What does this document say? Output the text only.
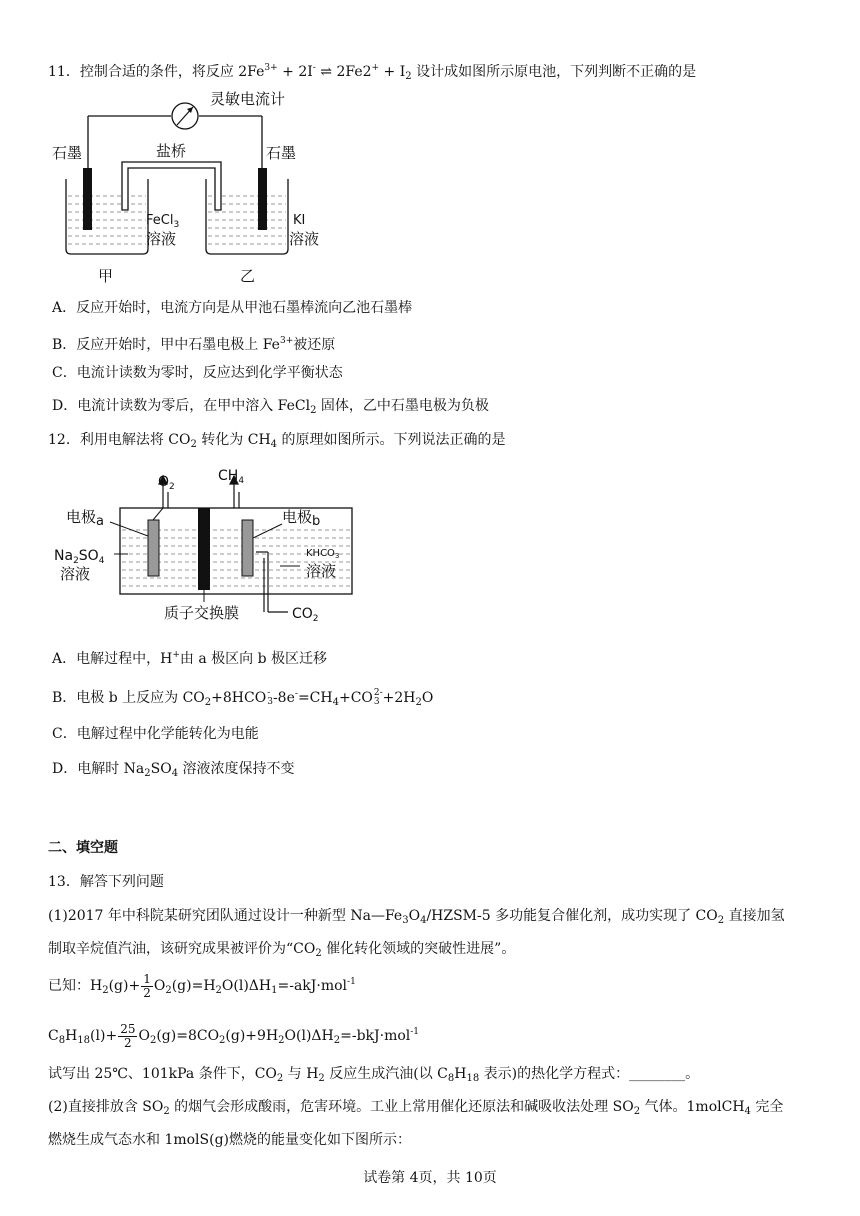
11．控制合适的条件，将反应 $2Fe^{3+} + 2I^-$ ⇌ $2Fe2^+ + I_2$ 设计成如图所示原电池，下列判断不正确的是
灵敏电流计
盐桥
石墨	石墨
FeCl$_3$
溶液
KI
溶液
甲	乙
A．反应开始时，电流方向是从甲池石墨棒流向乙池石墨棒
B．反应开始时，甲中石墨电极上 $Fe^{3+}$被还原
C．电流计读数为零时，反应达到化学平衡状态
D．电流计读数为零后，在甲中溶入 FeCl$_2$ 固体，乙中石墨电极为负极
12．利用电解法将 $CO_2$ 转化为 $CH_4$ 的原理如图所示。下列说法正确的是
$O_2$
$CH_4$
电极a	电极b
$Na_2SO_4$
溶液
$KHCO_3$
溶液
质子交换膜	$CO_2$
A．电解过程中，H+由 a 极区向 b 极区迁移
B．电极 b 上反应为 $CO_2+8HCO$ -
3 $-8e^-=CH_4+CO$ 2-
$3 +2H_2O$
C．电解过程中化学能转化为电能
D．电解时 $Na_2SO_4$ 溶液浓度保持不变
二、填空题
13．解答下列问题
(1)2017 年中科院某研究团队通过设计一种新型 $Na—Fe_3O_4/HZSM-5$ 多功能复合催化剂，成功实现了 $CO_2$ 直接加氢
制取辛烷值汽油，该研究成果被评价为“$CO_2$ 催化转化领域的突破性进展”。
已知：$H_2(g)+ \frac{1}{2} O_2(g)=H_2O(l)\Delta H_1=-akJ\cdot mol^{-1}$
$C_8H_{18}(l)+ \frac{25}{2} O_2(g)=8CO_2(g)+9H_2O(l)\Delta H_2=-bkJ\cdot mol^{-1}$
试写出 25℃、101kPa 条件下，$CO_2$ 与 $H_2$ 反应生成汽油(以 $C_8H_{18}$ 表示)的热化学方程式：________。
(2)直接排放含 $SO_2$ 的烟气会形成酸雨，危害环境。工业上常用催化还原法和碱吸收法处理 $SO_2$ 气体。1molCH$_4$ 完全
燃烧生成气态水和 1molS(g)燃烧的能量变化如下图所示：
试卷第 4页，共 10页
